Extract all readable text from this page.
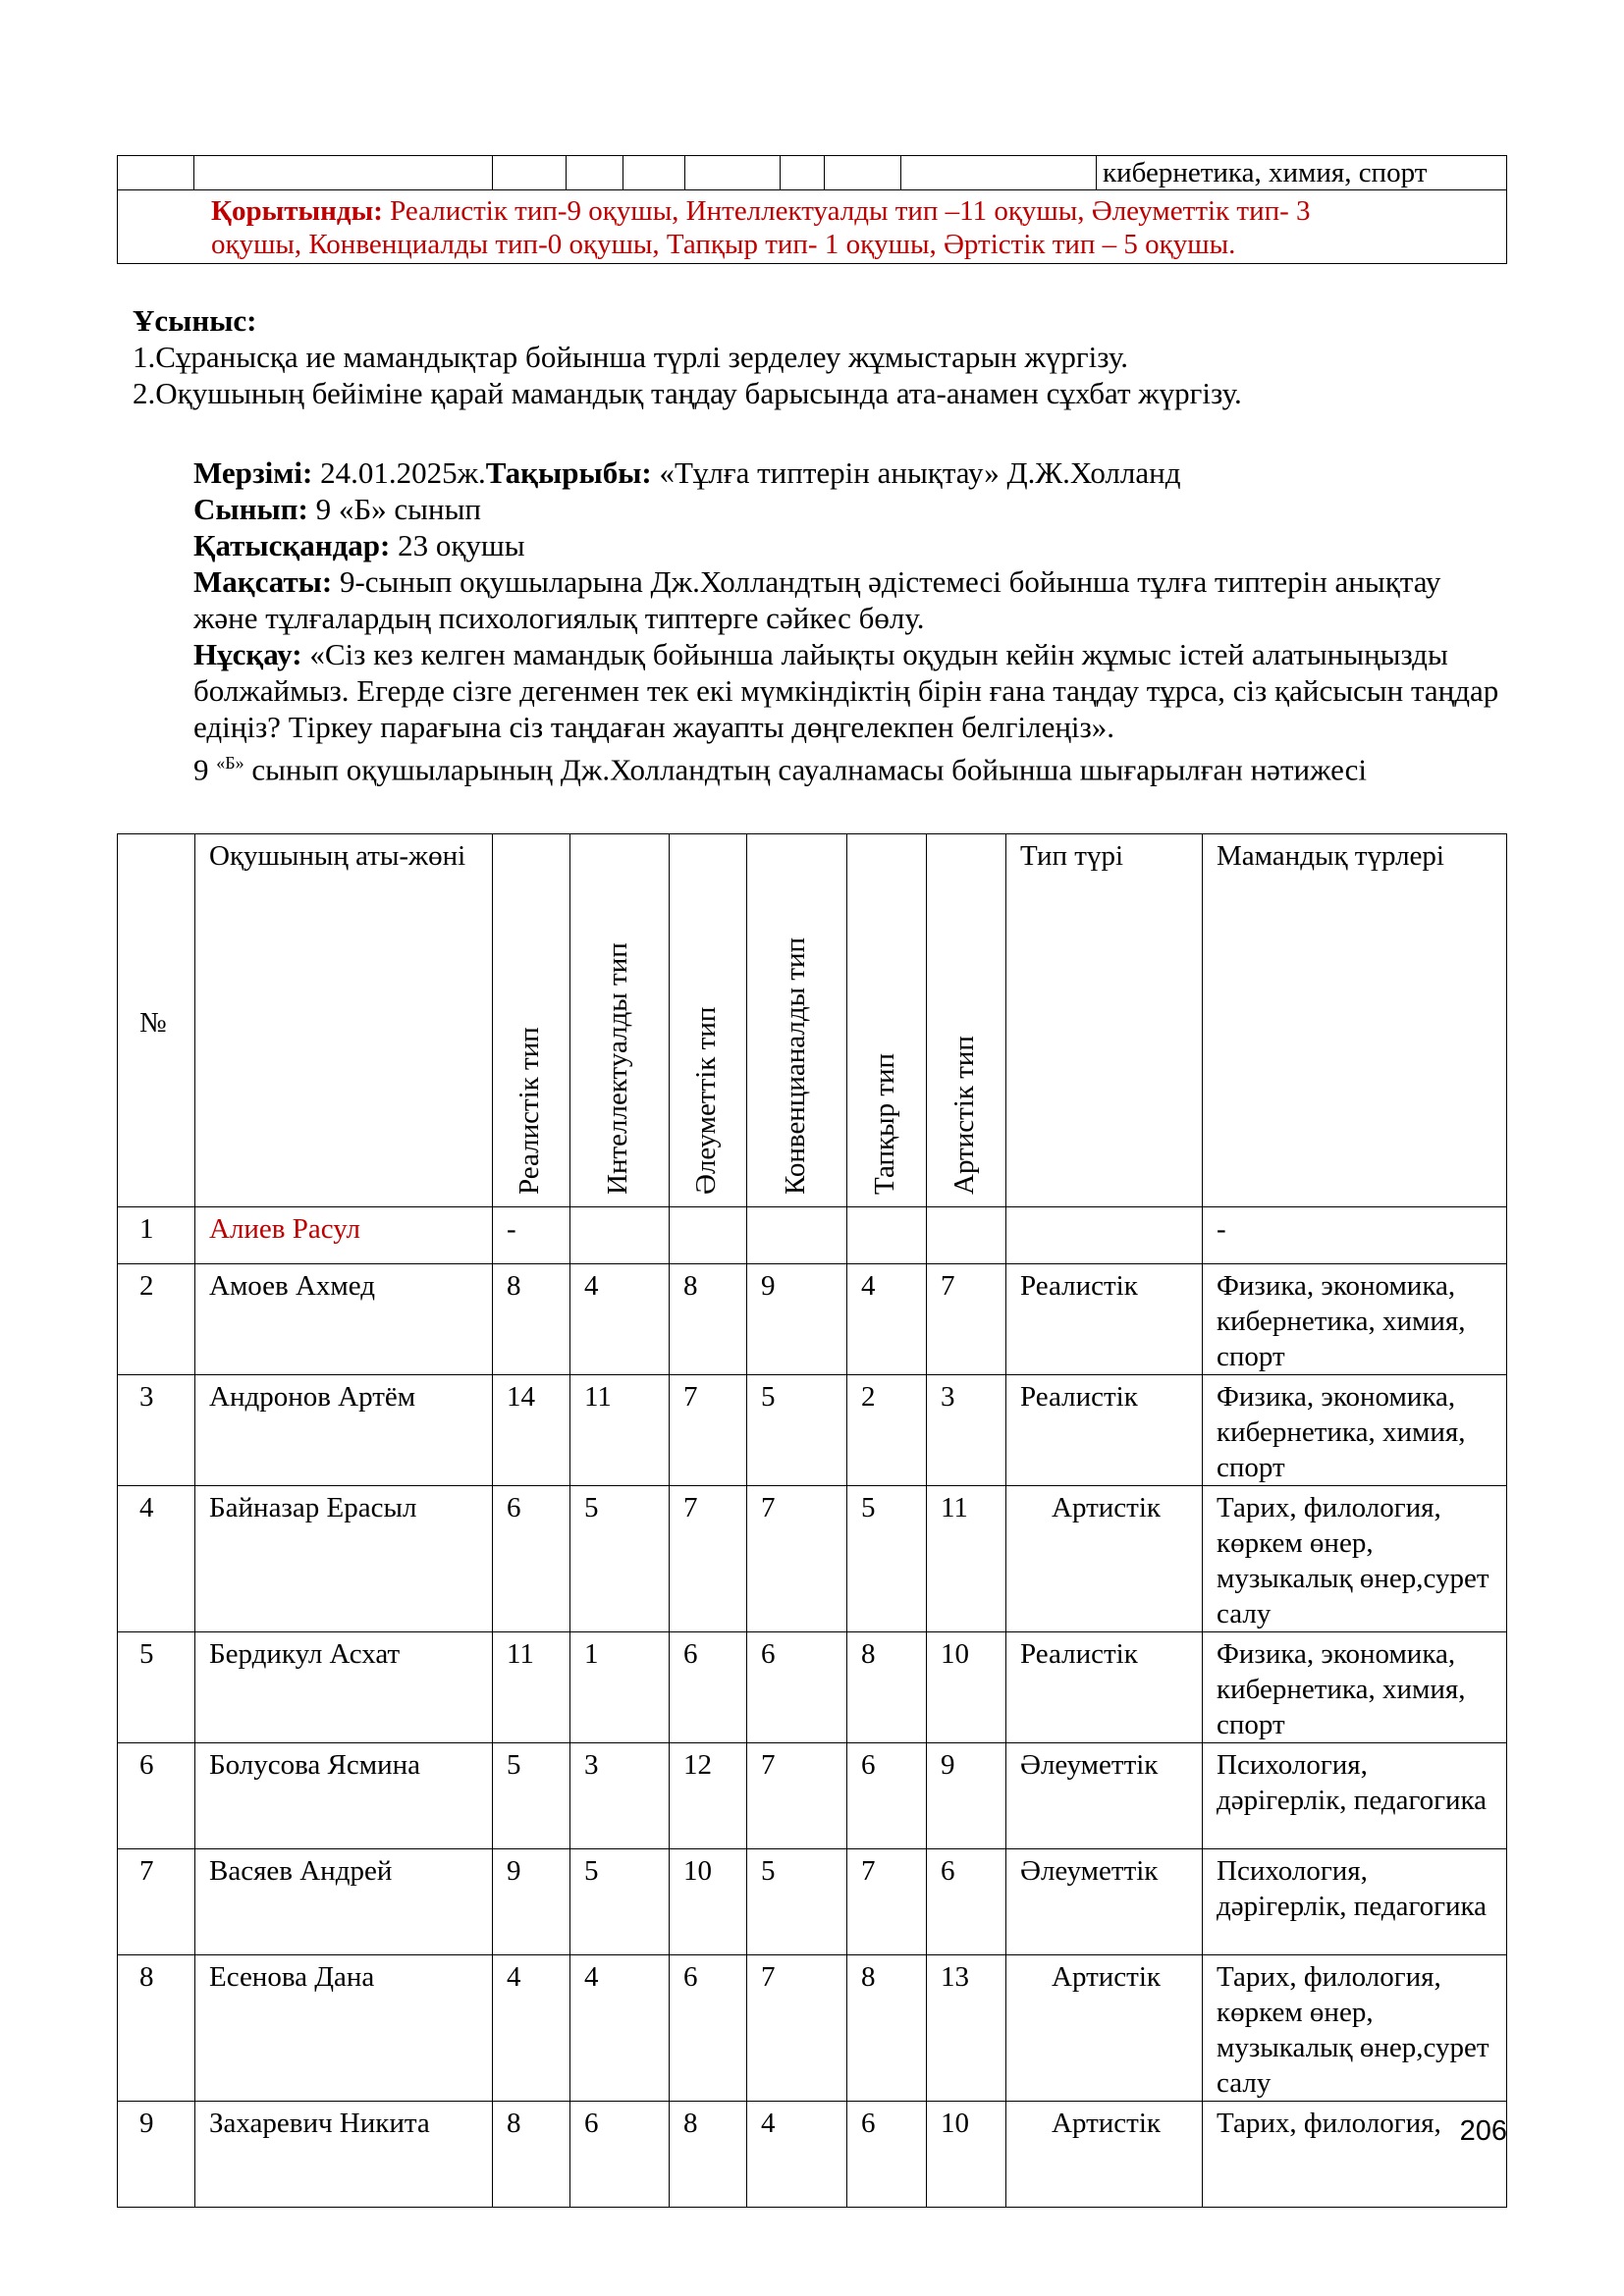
									кибернетика, химия, спорт
Қорытынды: Реалистік тип-9 оқушы, Интеллектуалды тип –11 оқушы, Әлеуметтік тип- 3
оқушы, Конвенциалды тип-0 оқушы, Тапқыр тип- 1 оқушы, Әртістік тип – 5 оқушы.
Ұсыныс:
1.Сұранысқа ие мамандықтар бойынша түрлі зерделеу жұмыстарын жүргізу.
2.Оқушының бейіміне қарай мамандық таңдау барысында ата-анамен сұхбат жүргізу.

Мерзімі: 24.01.2025ж.Тақырыбы: «Тұлға типтерін анықтау» Д.Ж.Холланд

Сынып: 9 «Б» сынып

Қатысқандар: 23 оқушы

Мақсаты: 9-сынып оқушыларына Дж.Холландтың әдістемесі бойынша тұлға типтерін анықтау және тұлғалардың психологиялық типтерге сәйкес бөлу.

Нұсқау: «Сіз кез келген мамандық бойынша лайықты оқудын кейін жұмыс істей алатыныңызды болжаймыз. Егерде сізге дегенмен тек екі мүмкіндіктің бірін ғана таңдау тұрса, сіз қайсысын таңдар едіңіз? Тіркеу парағына сіз таңдаған жауапты дөңгелекпен белгілеңіз».

9 $^{«Б»}$ сынып оқушыларының Дж.Холландтың сауалнамасы бойынша шығарылған нәтижесі

№	Оқушының аты-жөні	Реалистік тип	Интеллектуалды тип	Әлеуметтік тип	Конвенцианалды тип	Тапқыр тип	Артистік тип	Тип түрі	Мамандық түрлері
1	Алиев Расул	-							-
2	Амоев Ахмед	8	4	8	9	4	7	Реалистік	Физика, экономика, кибернетика, химия, спорт
3	Андронов Артём	14	11	7	5	2	3	Реалистік	Физика, экономика, кибернетика, химия, спорт
4	Байназар Ерасыл	6	5	7	7	5	11	Артистік	Тарих, филология, көркем өнер, музыкалық өнер,сурет салу
5	Бердикул Асхат	11	1	6	6	8	10	Реалистік	Физика, экономика, кибернетика, химия, спорт
6	Болусова Ясмина	5	3	12	7	6	9	Әлеуметтік	Психология, дәрігерлік, педагогика
7	Васяев Андрей	9	5	10	5	7	6	Әлеуметтік	Психология, дәрігерлік, педагогика
8	Есенова Дана	4	4	6	7	8	13	Артистік	Тарих, филология, көркем өнер, музыкалық өнер,сурет салу
9	Захаревич Никита	8	6	8	4	6	10	Артистік	Тарих, филология, 206
